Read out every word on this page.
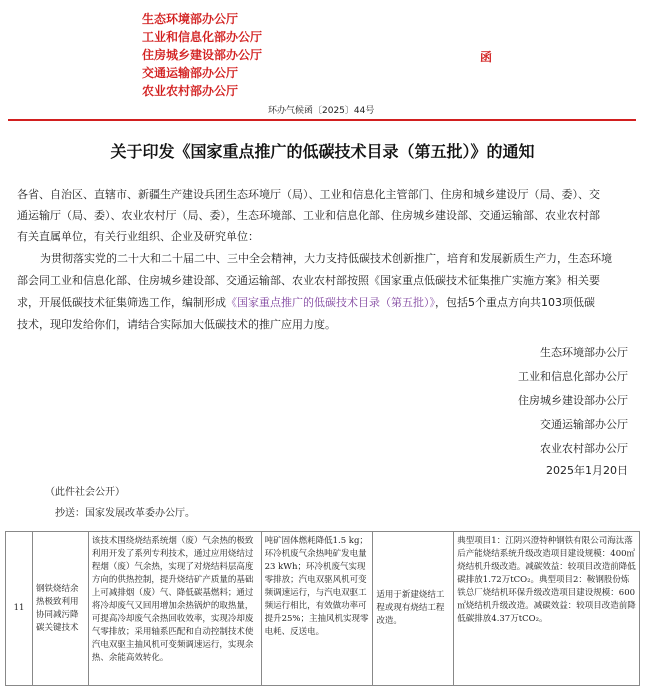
生态环境部办公厅
工业和信息化部办公厅
住房城乡建设部办公厅
交通运输部办公厅
农业农村部办公厅
函
环办气候函〔2025〕44号
关于印发《国家重点推广的低碳技术目录（第五批）》的通知
各省、自治区、直辖市、新疆生产建设兵团生态环境厅（局）、工业和信息化主管部门、住房和城乡建设厅（局、委）、交
通运输厅（局、委）、农业农村厅（局、委），生态环境部、工业和信息化部、住房城乡建设部、交通运输部、农业农村部
有关直属单位，有关行业组织、企业及研究单位：
为贯彻落实党的二十大和二十届二中、三中全会精神，大力支持低碳技术创新推广，培育和发展新质生产力，生态环境
部会同工业和信息化部、住房城乡建设部、交通运输部、农业农村部按照《国家重点低碳技术征集推广实施方案》相关要
求，开展低碳技术征集筛选工作，编制形成《国家重点推广的低碳技术目录（第五批）》，包括5个重点方向共103项低碳
技术，现印发给你们，请结合实际加大低碳技术的推广应用力度。
生态环境部办公厅
工业和信息化部办公厅
住房城乡建设部办公厅
交通运输部办公厅
农业农村部办公厅
2025年1月20日
（此件社会公开）
抄送：国家发展改革委办公厅。
11	钢铁烧结余热极致利用协同减污降碳关键技术	该技术围绕烧结系统烟（废）气余热的极致利用开发了系列专利技术，通过应用烧结过程烟（废）气余热，实现了对烧结料层高度方向的供热控制，提升烧结矿产质量的基础上可减排烟（废）气、降低碳基燃料；通过将冷却废气又回用增加余热锅炉的取热量，可提高冷却废气余热回收效率，实现冷却废气零排放；采用轴系匹配和自动控制技术使汽电双驱主抽风机可变频调速运行，实现余热、余能高效转化。	吨矿固体燃耗降低1.5 kg；环冷机废气余热吨矿发电量23 kWh；环冷机废气实现零排放；汽电双驱风机可变频调速运行，与汽电双驱工频运行相比，有效做功率可提升25%；主抽风机实现零电耗、反送电。	适用于新建烧结工程或现有烧结工程改造。	典型项目1：江阴兴澄特种钢铁有限公司海汰落后产能烧结系统升级改造项目建设规模：400㎡烧结机升级改造。减碳效益：较项目改造前降低碳排放1.72万tCO₂。典型项目2：鞍钢股份炼铁总厂烧结机环保升级改造项目建设规模：600㎡烧结机升级改造。减碳效益：较项目改造前降低碳排放4.37万tCO₂。
